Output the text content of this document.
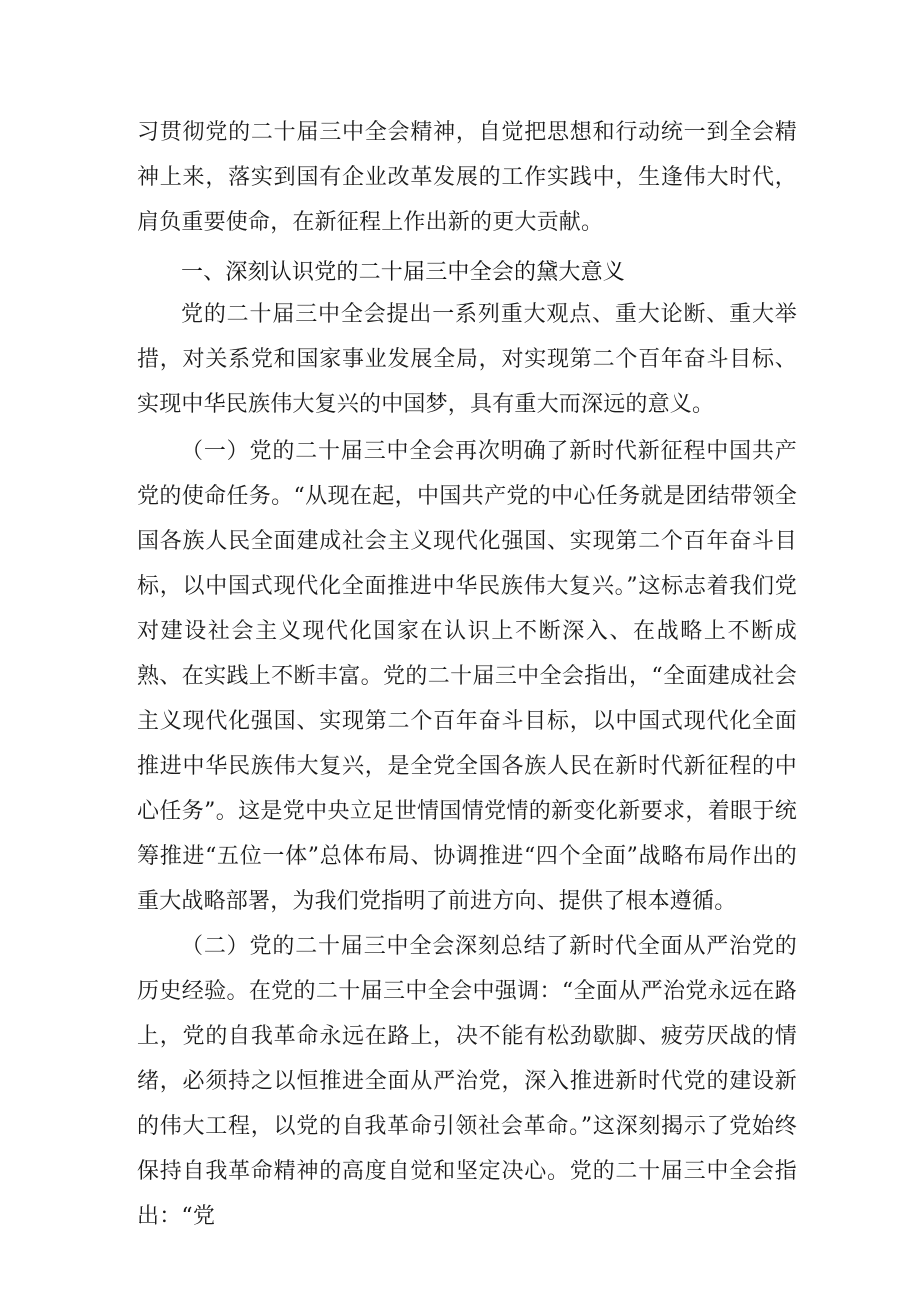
习贯彻党的二十届三中全会精神，自觉把思想和行动统一到全会精神上来，落实到国有企业改革发展的工作实践中，生逢伟大时代，肩负重要使命，在新征程上作出新的更大贡献。

一、深刻认识党的二十届三中全会的黛大意义

党的二十届三中全会提出一系列重大观点、重大论断、重大举措，对关系党和国家事业发展全局，对实现第二个百年奋斗目标、实现中华民族伟大复兴的中国梦，具有重大而深远的意义。

（一）党的二十届三中全会再次明确了新时代新征程中国共产党的使命任务。“从现在起，中国共产党的中心任务就是团结带领全国各族人民全面建成社会主义现代化强国、实现第二个百年奋斗目标，以中国式现代化全面推进中华民族伟大复兴。”这标志着我们党对建设社会主义现代化国家在认识上不断深入、在战略上不断成熟、在实践上不断丰富。党的二十届三中全会指出，“全面建成社会主义现代化强国、实现第二个百年奋斗目标，以中国式现代化全面推进中华民族伟大复兴，是全党全国各族人民在新时代新征程的中心任务”。这是党中央立足世情国情党情的新变化新要求，着眼于统筹推进“五位一体”总体布局、协调推进“四个全面”战略布局作出的重大战略部署，为我们党指明了前进方向、提供了根本遵循。

（二）党的二十届三中全会深刻总结了新时代全面从严治党的历史经验。在党的二十届三中全会中强调：“全面从严治党永远在路上，党的自我革命永远在路上，决不能有松劲歇脚、疲劳厌战的情绪，必须持之以恒推进全面从严治党，深入推进新时代党的建设新的伟大工程，以党的自我革命引领社会革命。”这深刻揭示了党始终保持自我革命精神的高度自觉和坚定决心。党的二十届三中全会指出：“党
